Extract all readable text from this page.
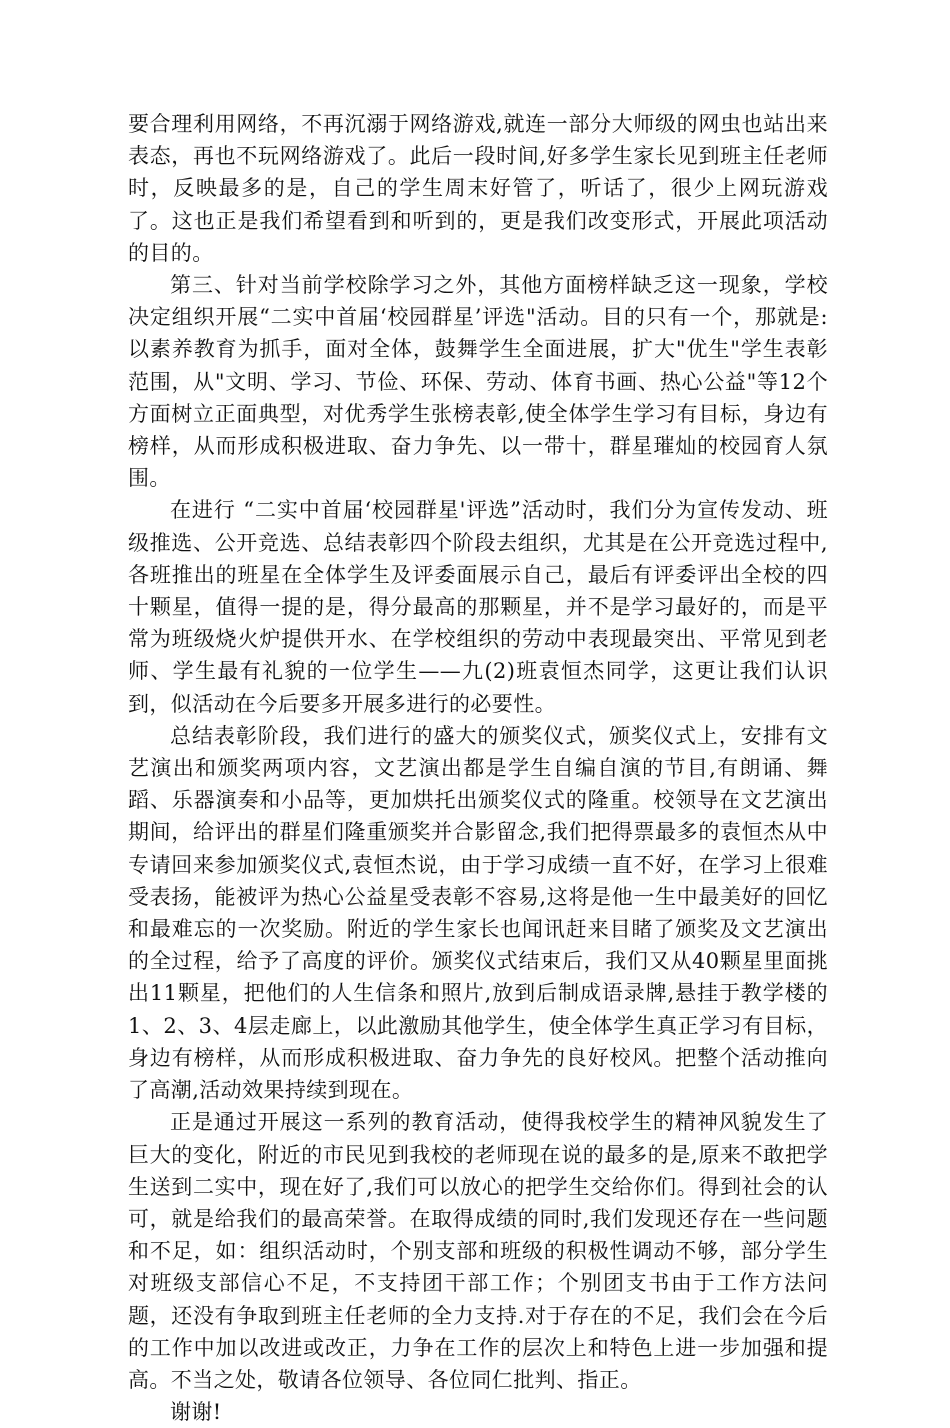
要合理利用网络，不再沉溺于网络游戏,就连一部分大师级的网虫也站出来表态，再也不玩网络游戏了。此后一段时间,好多学生家长见到班主任老师时，反映最多的是，自己的学生周末好管了，听话了，很少上网玩游戏了。这也正是我们希望看到和听到的，更是我们改变形式，开展此项活动的目的。

第三、针对当前学校除学习之外，其他方面榜样缺乏这一现象，学校决定组织开展“二实中首届‘校园群星’评选"活动。目的只有一个，那就是:以素养教育为抓手，面对全体，鼓舞学生全面进展，扩大"优生"学生表彰范围，从"文明、学习、节俭、环保、劳动、体育书画、热心公益"等12个方面树立正面典型，对优秀学生张榜表彰,使全体学生学习有目标，身边有榜样，从而形成积极进取、奋力争先、以一带十，群星璀灿的校园育人氛围。

在进行 “二实中首届‘校园群星'评选”活动时，我们分为宣传发动、班级推选、公开竞选、总结表彰四个阶段去组织，尤其是在公开竞选过程中,各班推出的班星在全体学生及评委面展示自己，最后有评委评出全校的四十颗星，值得一提的是，得分最高的那颗星，并不是学习最好的，而是平常为班级烧火炉提供开水、在学校组织的劳动中表现最突出、平常见到老师、学生最有礼貌的一位学生——九(2)班袁恒杰同学，这更让我们认识到，似活动在今后要多开展多进行的必要性。

总结表彰阶段，我们进行的盛大的颁奖仪式，颁奖仪式上，安排有文艺演出和颁奖两项内容，文艺演出都是学生自编自演的节目,有朗诵、舞蹈、乐器演奏和小品等，更加烘托出颁奖仪式的隆重。校领导在文艺演出期间，给评出的群星们隆重颁奖并合影留念,我们把得票最多的袁恒杰从中专请回来参加颁奖仪式,袁恒杰说，由于学习成绩一直不好，在学习上很难受表扬，能被评为热心公益星受表彰不容易,这将是他一生中最美好的回忆和最难忘的一次奖励。附近的学生家长也闻讯赶来目睹了颁奖及文艺演出的全过程，给予了高度的评价。颁奖仪式结束后，我们又从40颗星里面挑出11颗星，把他们的人生信条和照片,放到后制成语录牌,悬挂于教学楼的1、2、3、4层走廊上，以此激励其他学生，使全体学生真正学习有目标，身边有榜样，从而形成积极进取、奋力争先的良好校风。把整个活动推向了高潮,活动效果持续到现在。

正是通过开展这一系列的教育活动，使得我校学生的精神风貌发生了巨大的变化，附近的市民见到我校的老师现在说的最多的是,原来不敢把学生送到二实中，现在好了,我们可以放心的把学生交给你们。得到社会的认可，就是给我们的最高荣誉。在取得成绩的同时,我们发现还存在一些问题和不足，如：组织活动时，个别支部和班级的积极性调动不够，部分学生对班级支部信心不足，不支持团干部工作；个别团支书由于工作方法问题，还没有争取到班主任老师的全力支持.对于存在的不足，我们会在今后的工作中加以改进或改正，力争在工作的层次上和特色上进一步加强和提高。不当之处，敬请各位领导、各位同仁批判、指正。

谢谢!
